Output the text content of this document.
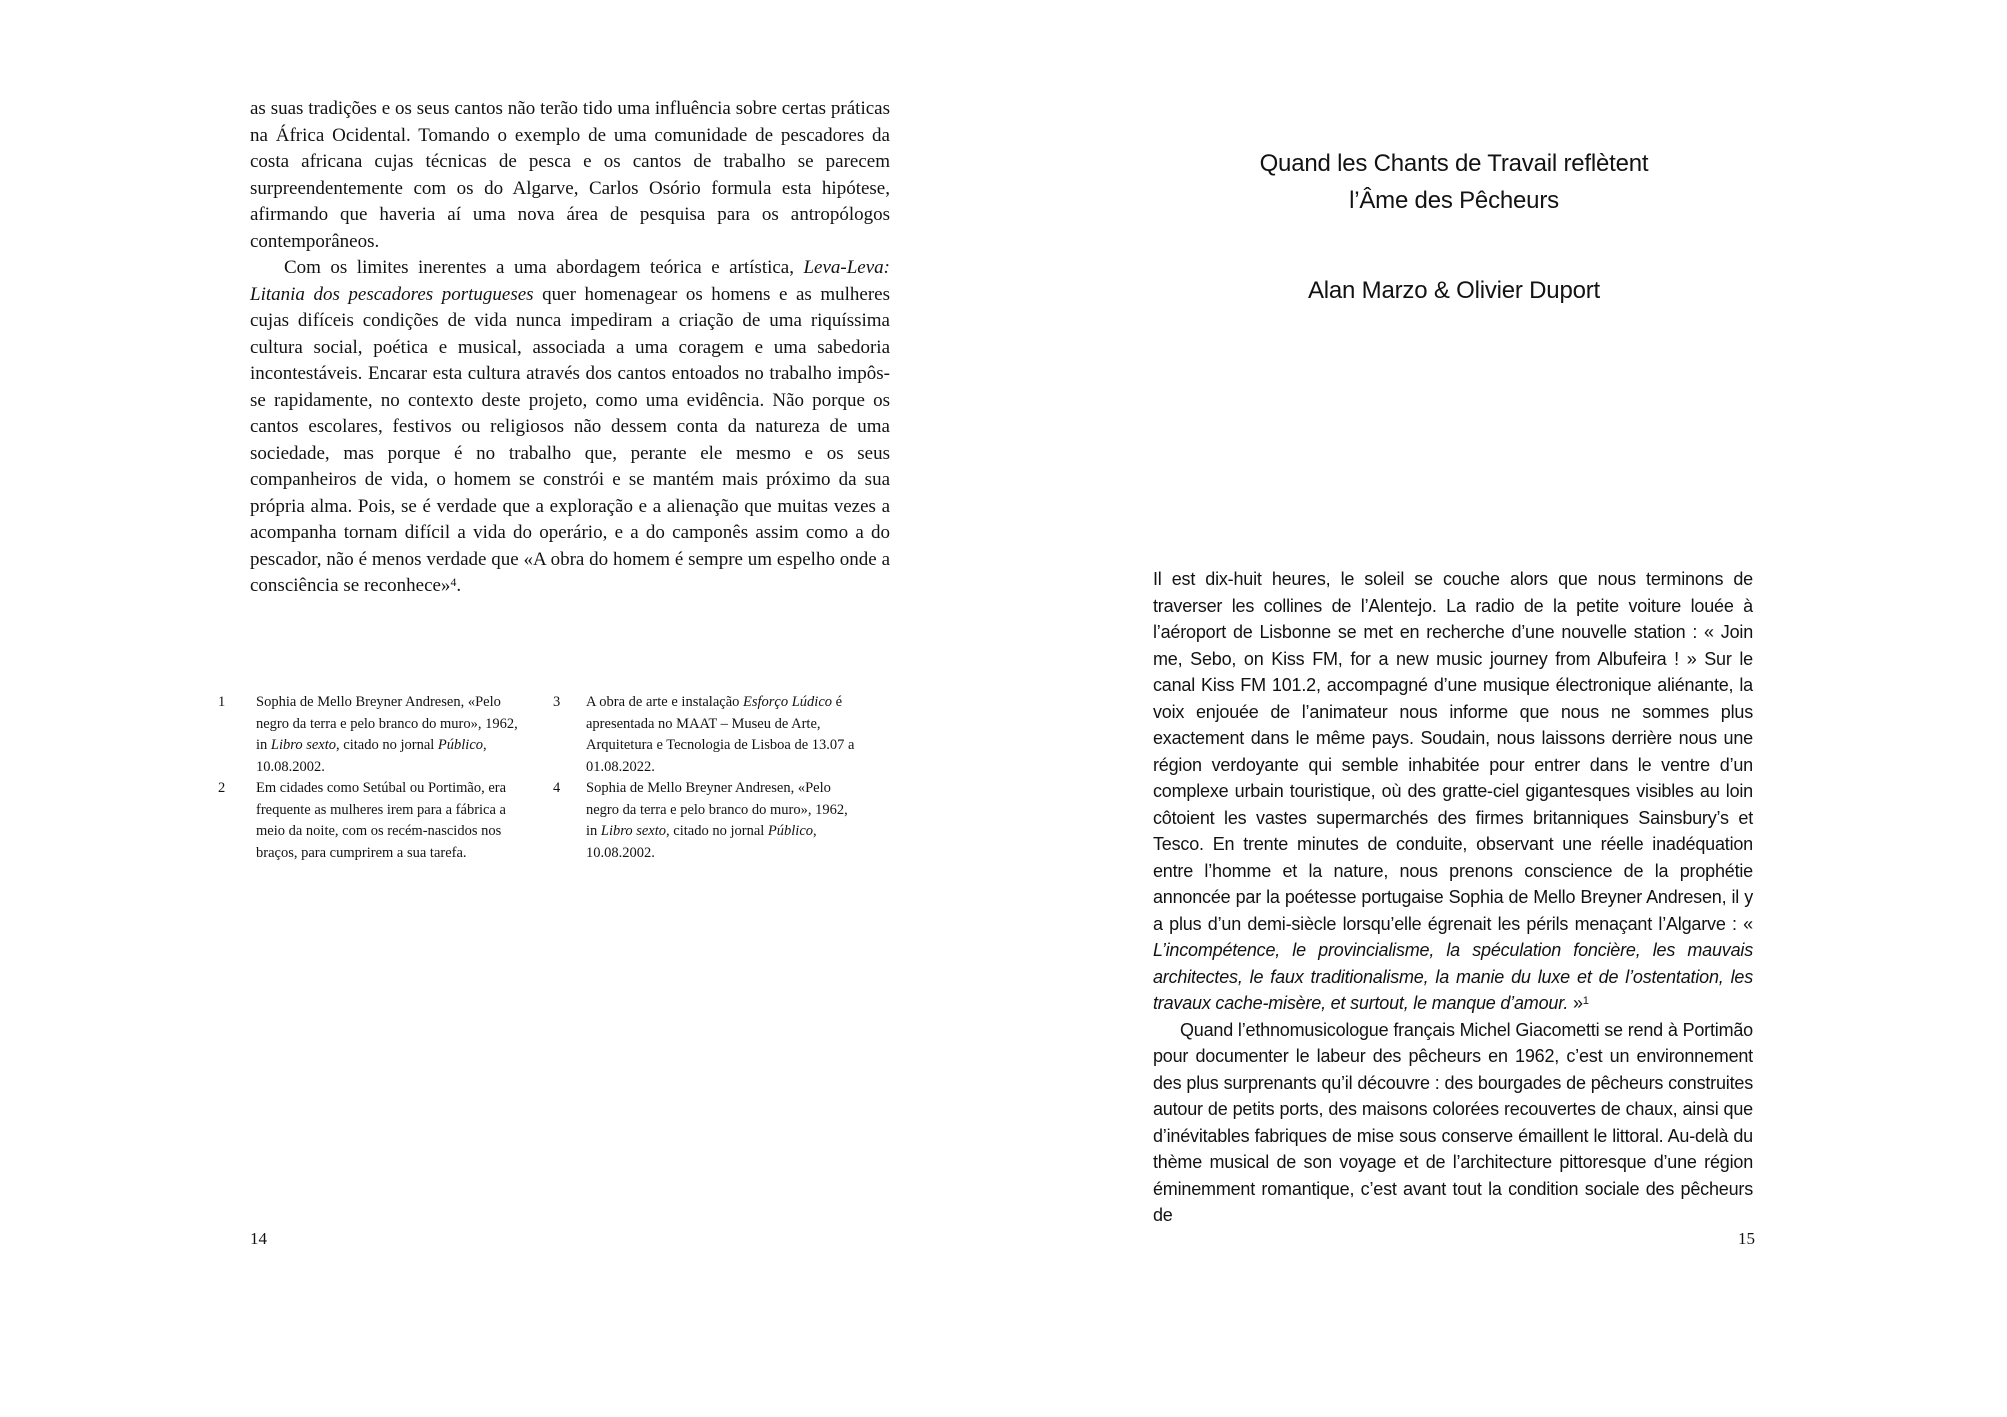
as suas tradições e os seus cantos não terão tido uma influência sobre certas práticas na África Ocidental. Tomando o exemplo de uma comunidade de pescadores da costa africana cujas técnicas de pesca e os cantos de trabalho se parecem surpreendentemente com os do Algarve, Carlos Osório formula esta hipótese, afirmando que haveria aí uma nova área de pesquisa para os antropólogos contemporâneos.

Com os limites inerentes a uma abordagem teórica e artística, Leva-Leva: Litania dos pescadores portugueses quer homenagear os homens e as mulheres cujas difíceis condições de vida nunca impediram a criação de uma riquíssima cultura social, poética e musical, associada a uma coragem e uma sabedoria incontestáveis. Encarar esta cultura através dos cantos entoados no trabalho impôs-se rapidamente, no contexto deste projeto, como uma evidência. Não porque os cantos escolares, festivos ou religiosos não dessem conta da natureza de uma sociedade, mas porque é no trabalho que, perante ele mesmo e os seus companheiros de vida, o homem se constrói e se mantém mais próximo da sua própria alma. Pois, se é verdade que a exploração e a alienação que muitas vezes a acompanha tornam difícil a vida do operário, e a do camponês assim como a do pescador, não é menos verdade que «A obra do homem é sempre um espelho onde a consciência se reconhece»$^4$.

1	Sophia de Mello Breyner Andresen, «Pelo negro da terra e pelo branco do muro», 1962, in Libro sexto, citado no jornal Público, 10.08.2002.
2	Em cidades como Setúbal ou Portimão, era frequente as mulheres irem para a fábrica a meio da noite, com os recém-nascidos nos braços, para cumprirem a sua tarefa.
3	A obra de arte e instalação Esforço Lúdico é apresentada no MAAT – Museu de Arte, Arquitetura e Tecnologia de Lisboa de 13.07 a 01.08.2022.
4	Sophia de Mello Breyner Andresen, «Pelo negro da terra e pelo branco do muro», 1962, in Libro sexto, citado no jornal Público, 10.08.2002.
14
Quand les Chants de Travail reflètent
l’Âme des Pêcheurs
Alan Marzo & Olivier Duport

Il est dix-huit heures, le soleil se couche alors que nous terminons de traverser les collines de l’Alentejo. La radio de la petite voiture louée à l’aéroport de Lisbonne se met en recherche d’une nouvelle station : « Join me, Sebo, on Kiss FM, for a new music journey from Albufeira ! » Sur le canal Kiss FM 101.2, accompagné d’une musique électronique aliénante, la voix enjouée de l’animateur nous informe que nous ne sommes plus exactement dans le même pays. Soudain, nous laissons derrière nous une région verdoyante qui semble inhabitée pour entrer dans le ventre d’un complexe urbain touristique, où des gratte-ciel gigantesques visibles au loin côtoient les vastes supermarchés des firmes britanniques Sainsbury’s et Tesco. En trente minutes de conduite, observant une réelle inadéquation entre l’homme et la nature, nous prenons conscience de la prophétie annoncée par la poétesse portugaise Sophia de Mello Breyner Andresen, il y a plus d’un demi-siècle lorsqu’elle égrenait les périls menaçant l’Algarve : « L’incompétence, le provincialisme, la spéculation foncière, les mauvais architectes, le faux traditionalisme, la manie du luxe et de l’ostentation, les travaux cache-misère, et surtout, le manque d’amour. »$^1$

Quand l’ethnomusicologue français Michel Giacometti se rend à Portimão pour documenter le labeur des pêcheurs en 1962, c’est un environnement des plus surprenants qu’il découvre : des bourgades de pêcheurs construites autour de petits ports, des maisons colorées recouvertes de chaux, ainsi que d’inévitables fabriques de mise sous conserve émaillent le littoral. Au-delà du thème musical de son voyage et de l’architecture pittoresque d’une région éminemment romantique, c’est avant tout la condition sociale des pêcheurs de

15
